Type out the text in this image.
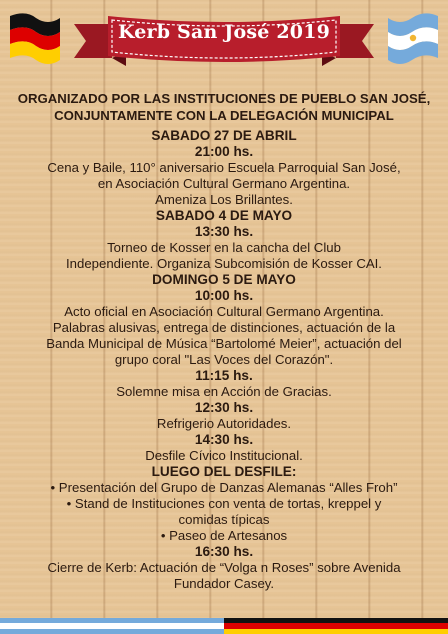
Kerb San José 2019
ORGANIZADO POR LAS INSTITUCIONES DE PUEBLO SAN JOSÉ, CONJUNTAMENTE CON LA DELEGACIÓN MUNICIPAL
SABADO 27 DE ABRIL
21:00 hs.
Cena y Baile, 110° aniversario Escuela Parroquial San José,
en Asociación Cultural Germano Argentina.
Ameniza Los Brillantes.
SABADO 4 DE MAYO
13:30 hs.
Torneo de Kosser en la cancha del Club
Independiente. Organiza Subcomisión de Kosser CAI.
DOMINGO 5 DE MAYO
10:00 hs.
Acto oficial en Asociación Cultural Germano Argentina.
Palabras alusivas, entrega de distinciones, actuación de la
Banda Municipal de Música “Bartolomé Meier”, actuación del
grupo coral "Las Voces del Corazón".
11:15 hs.
Solemne misa en Acción de Gracias.
12:30 hs.
Refrigerio Autoridades.
14:30 hs.
Desfile Cívico Institucional.
LUEGO DEL DESFILE:
• Presentación del Grupo de Danzas Alemanas “Alles Froh”
• Stand de Instituciones con venta de tortas, kreppel y
comidas típicas
• Paseo de Artesanos
16:30 hs.
Cierre de Kerb: Actuación de “Volga n Roses” sobre Avenida
Fundador Casey.
